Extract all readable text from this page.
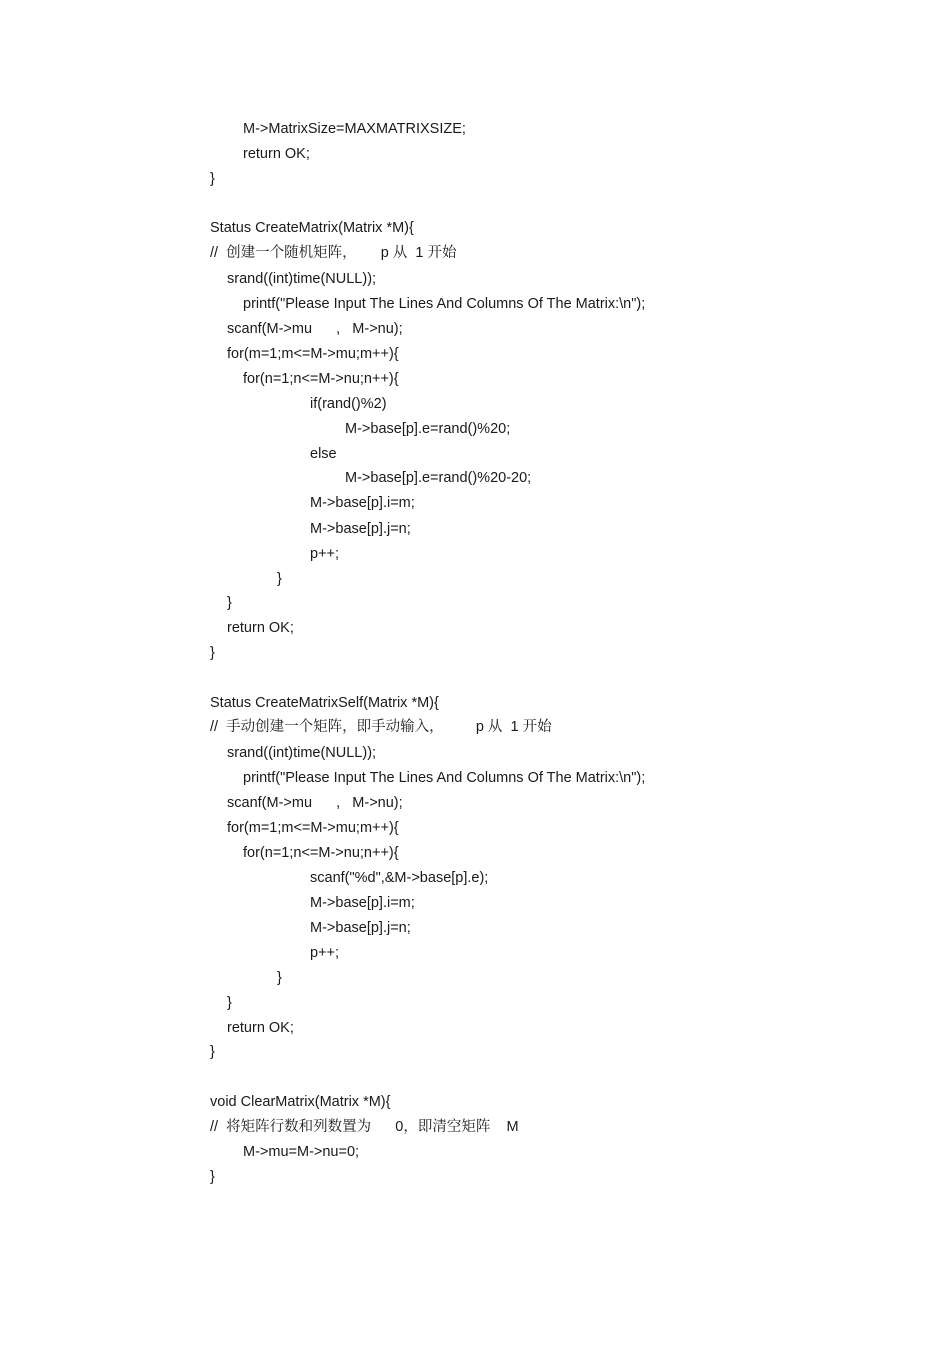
M->MatrixSize=MAXMATRIXSIZE;
return OK;
}
Status CreateMatrix(Matrix *M){
//  创建一个随机矩阵，      p 从  1 开始
srand((int)time(NULL));
printf("Please Input The Lines And Columns Of The Matrix:\n");
scanf(M->mu      ,   M->nu);
for(m=1;m<=M->mu;m++){
for(n=1;n<=M->nu;n++){
if(rand()%2)
M->base[p].e=rand()%20;
else
M->base[p].e=rand()%20-20;
M->base[p].i=m;
M->base[p].j=n;
p++;
}
}
return OK;
}
Status CreateMatrixSelf(Matrix *M){
//  手动创建一个矩阵，即手动输入，        p 从  1 开始
srand((int)time(NULL));
printf("Please Input The Lines And Columns Of The Matrix:\n");
scanf(M->mu      ,   M->nu);
for(m=1;m<=M->mu;m++){
for(n=1;n<=M->nu;n++){
scanf("%d",&M->base[p].e);
M->base[p].i=m;
M->base[p].j=n;
p++;
}
}
return OK;
}
void ClearMatrix(Matrix *M){
//  将矩阵行数和列数置为      0，即清空矩阵    M
M->mu=M->nu=0;
}
